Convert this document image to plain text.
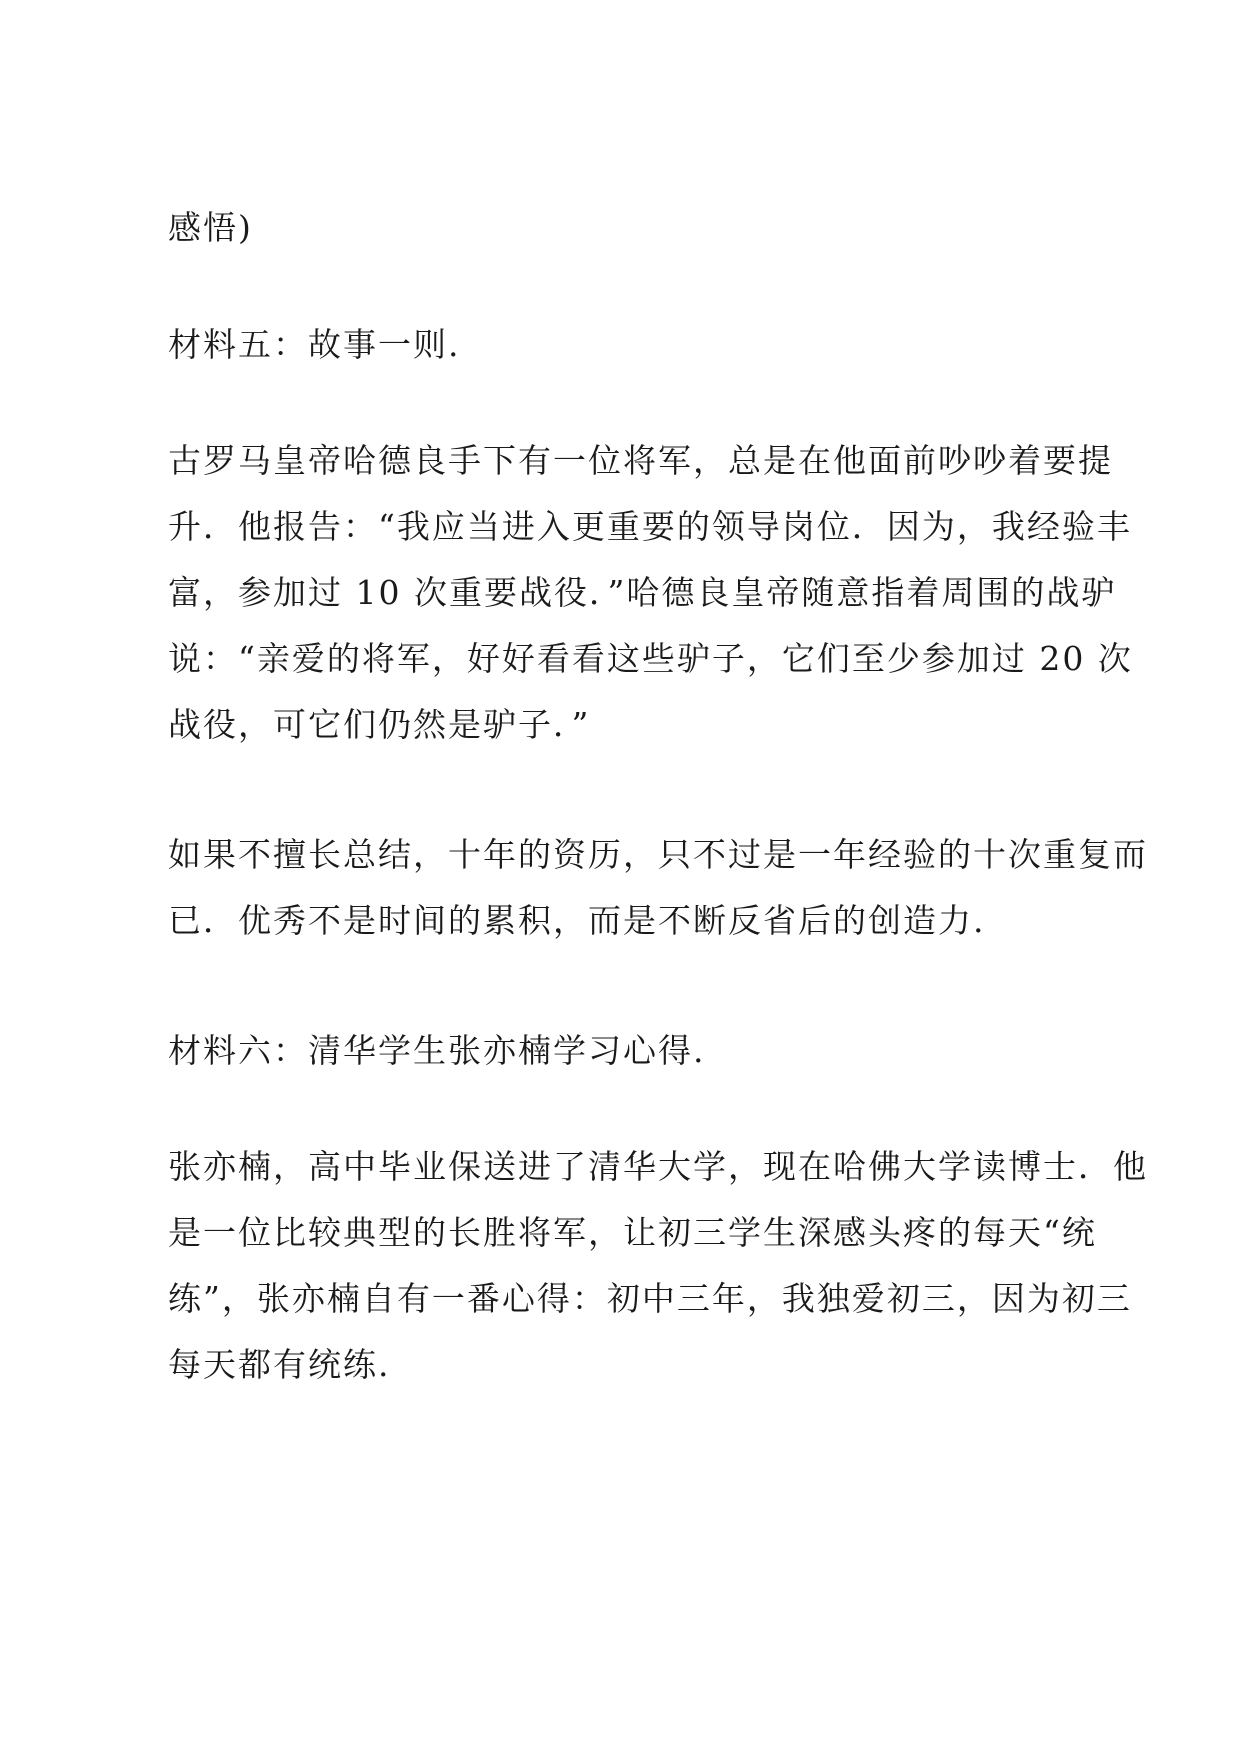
感悟)
材料五：故事一则.
古罗马皇帝哈德良手下有一位将军，总是在他面前吵吵着要提
升．他报告：“我应当进入更重要的领导岗位．因为，我经验丰
富，参加过 10 次重要战役．”哈德良皇帝随意指着周围的战驴
说：“亲爱的将军，好好看看这些驴子，它们至少参加过 20 次
战役，可它们仍然是驴子．”
如果不擅长总结，十年的资历，只不过是一年经验的十次重复而
已．优秀不是时间的累积，而是不断反省后的创造力.
材料六：清华学生张亦楠学习心得.
张亦楠，高中毕业保送进了清华大学，现在哈佛大学读博士．他
是一位比较典型的长胜将军，让初三学生深感头疼的每天“统
练”，张亦楠自有一番心得：初中三年，我独爱初三，因为初三
每天都有统练.
